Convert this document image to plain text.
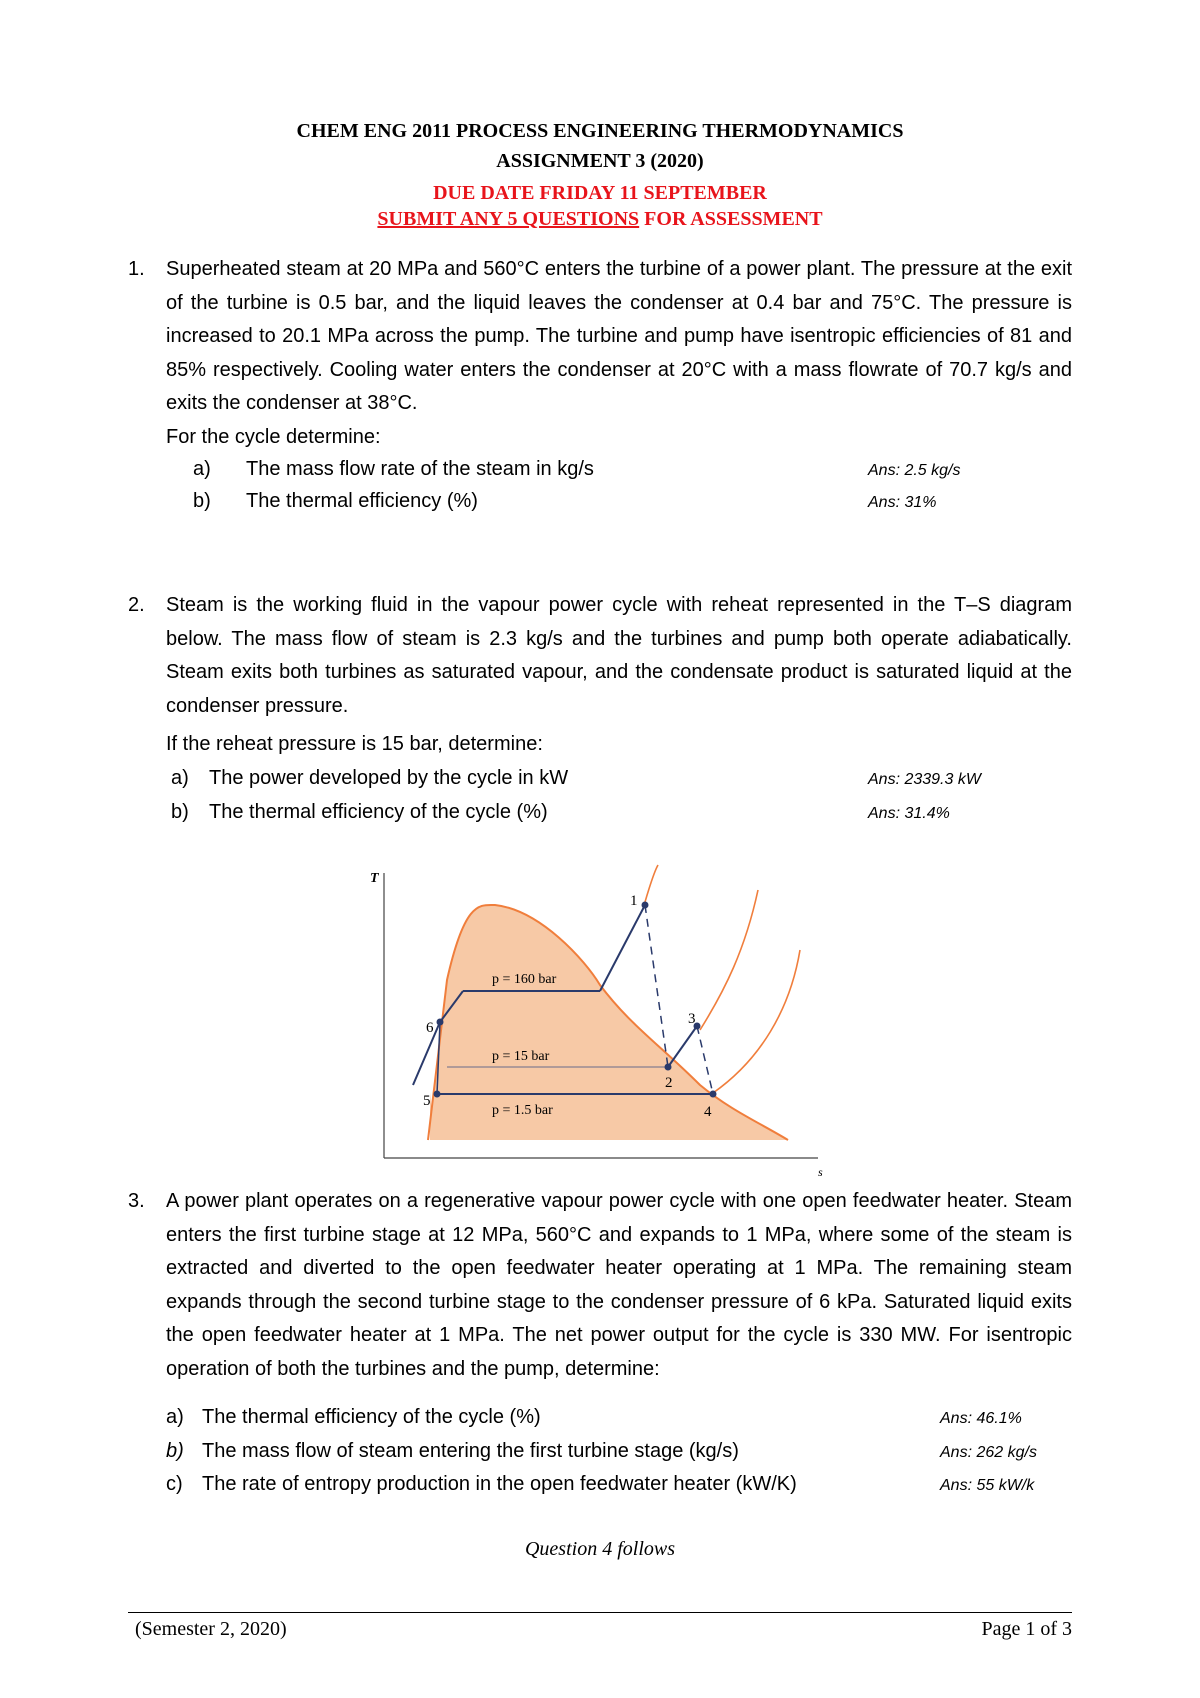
CHEM ENG 2011 PROCESS ENGINEERING THERMODYNAMICS
ASSIGNMENT 3 (2020)
DUE DATE FRIDAY 11 SEPTEMBER
SUBMIT ANY 5 QUESTIONS FOR ASSESSMENT
1. Superheated steam at 20 MPa and 560°C enters the turbine of a power plant. The pressure at the exit of the turbine is 0.5 bar, and the liquid leaves the condenser at 0.4 bar and 75°C. The pressure is increased to 20.1 MPa across the pump. The turbine and pump have isentropic efficiencies of 81 and 85% respectively. Cooling water enters the condenser at 20°C with a mass flowrate of 70.7 kg/s and exits the condenser at 38°C.
For the cycle determine:
a) The mass flow rate of the steam in kg/s	Ans: 2.5 kg/s
b) The thermal efficiency (%)	Ans: 31%
2. Steam is the working fluid in the vapour power cycle with reheat represented in the T–S diagram below. The mass flow of steam is 2.3 kg/s and the turbines and pump both operate adiabatically. Steam exits both turbines as saturated vapour, and the condensate product is saturated liquid at the condenser pressure.
If the reheat pressure is 15 bar, determine:
a) The power developed by the cycle in kW	Ans: 2339.3 kW
b) The thermal efficiency of the cycle (%)	Ans: 31.4%
T
s
1
2
3
4
5
6
p = 160 bar
p = 15 bar
p = 1.5 bar
3. A power plant operates on a regenerative vapour power cycle with one open feedwater heater. Steam enters the first turbine stage at 12 MPa, 560°C and expands to 1 MPa, where some of the steam is extracted and diverted to the open feedwater heater operating at 1 MPa. The remaining steam expands through the second turbine stage to the condenser pressure of 6 kPa. Saturated liquid exits the open feedwater heater at 1 MPa. The net power output for the cycle is 330 MW. For isentropic operation of both the turbines and the pump, determine:
a) The thermal efficiency of the cycle (%)	Ans: 46.1%
b) The mass flow of steam entering the first turbine stage (kg/s)	Ans: 262 kg/s
c) The rate of entropy production in the open feedwater heater (kW/K)	Ans: 55 kW/k
Question 4 follows
(Semester 2, 2020)	Page 1 of 3
